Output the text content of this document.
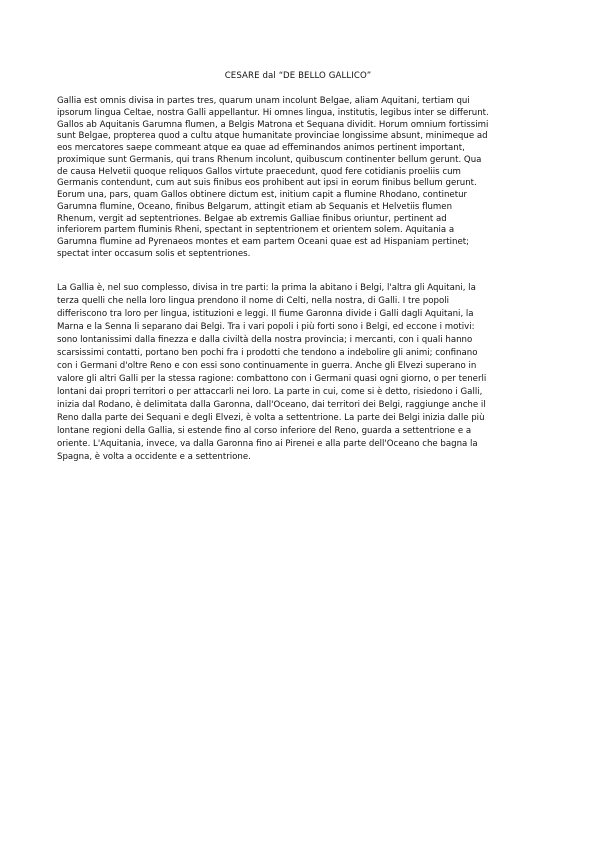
CESARE dal “DE BELLO GALLICO”

Gallia est omnis divisa in partes tres, quarum unam incolunt Belgae, aliam Aquitani, tertiam qui
ipsorum lingua Celtae, nostra Galli appellantur. Hi omnes lingua, institutis, legibus inter se differunt.
Gallos ab Aquitanis Garumna flumen, a Belgis Matrona et Sequana dividit. Horum omnium fortissimi
sunt Belgae, propterea quod a cultu atque humanitate provinciae longissime absunt, minimeque ad
eos mercatores saepe commeant atque ea quae ad effeminandos animos pertinent important,
proximique sunt Germanis, qui trans Rhenum incolunt, quibuscum continenter bellum gerunt. Qua
de causa Helvetii quoque reliquos Gallos virtute praecedunt, quod fere cotidianis proeliis cum
Germanis contendunt, cum aut suis finibus eos prohibent aut ipsi in eorum finibus bellum gerunt.
Eorum una, pars, quam Gallos obtinere dictum est, initium capit a flumine Rhodano, continetur
Garumna flumine, Oceano, finibus Belgarum, attingit etiam ab Sequanis et Helvetiis flumen
Rhenum, vergit ad septentriones. Belgae ab extremis Galliae finibus oriuntur, pertinent ad
inferiorem partem fluminis Rheni, spectant in septentrionem et orientem solem. Aquitania a
Garumna flumine ad Pyrenaeos montes et eam partem Oceani quae est ad Hispaniam pertinet;
spectat inter occasum solis et septentriones.

La Gallia è, nel suo complesso, divisa in tre parti: la prima la abitano i Belgi, l'altra gli Aquitani, la
terza quelli che nella loro lingua prendono il nome di Celti, nella nostra, di Galli. I tre popoli
differiscono tra loro per lingua, istituzioni e leggi. Il fiume Garonna divide i Galli dagli Aquitani, la
Marna e la Senna li separano dai Belgi. Tra i vari popoli i più forti sono i Belgi, ed eccone i motivi:
sono lontanissimi dalla finezza e dalla civiltà della nostra provincia; i mercanti, con i quali hanno
scarsissimi contatti, portano ben pochi fra i prodotti che tendono a indebolire gli animi; confinano
con i Germani d'oltre Reno e con essi sono continuamente in guerra. Anche gli Elvezi superano in
valore gli altri Galli per la stessa ragione: combattono con i Germani quasi ogni giorno, o per tenerli
lontani dai propri territori o per attaccarli nei loro. La parte in cui, come si è detto, risiedono i Galli,
inizia dal Rodano, è delimitata dalla Garonna, dall'Oceano, dai territori dei Belgi, raggiunge anche il
Reno dalla parte dei Sequani e degli Elvezi, è volta a settentrione. La parte dei Belgi inizia dalle più
lontane regioni della Gallia, si estende fino al corso inferiore del Reno, guarda a settentrione e a
oriente. L'Aquitania, invece, va dalla Garonna fino ai Pirenei e alla parte dell'Oceano che bagna la
Spagna, è volta a occidente e a settentrione.
